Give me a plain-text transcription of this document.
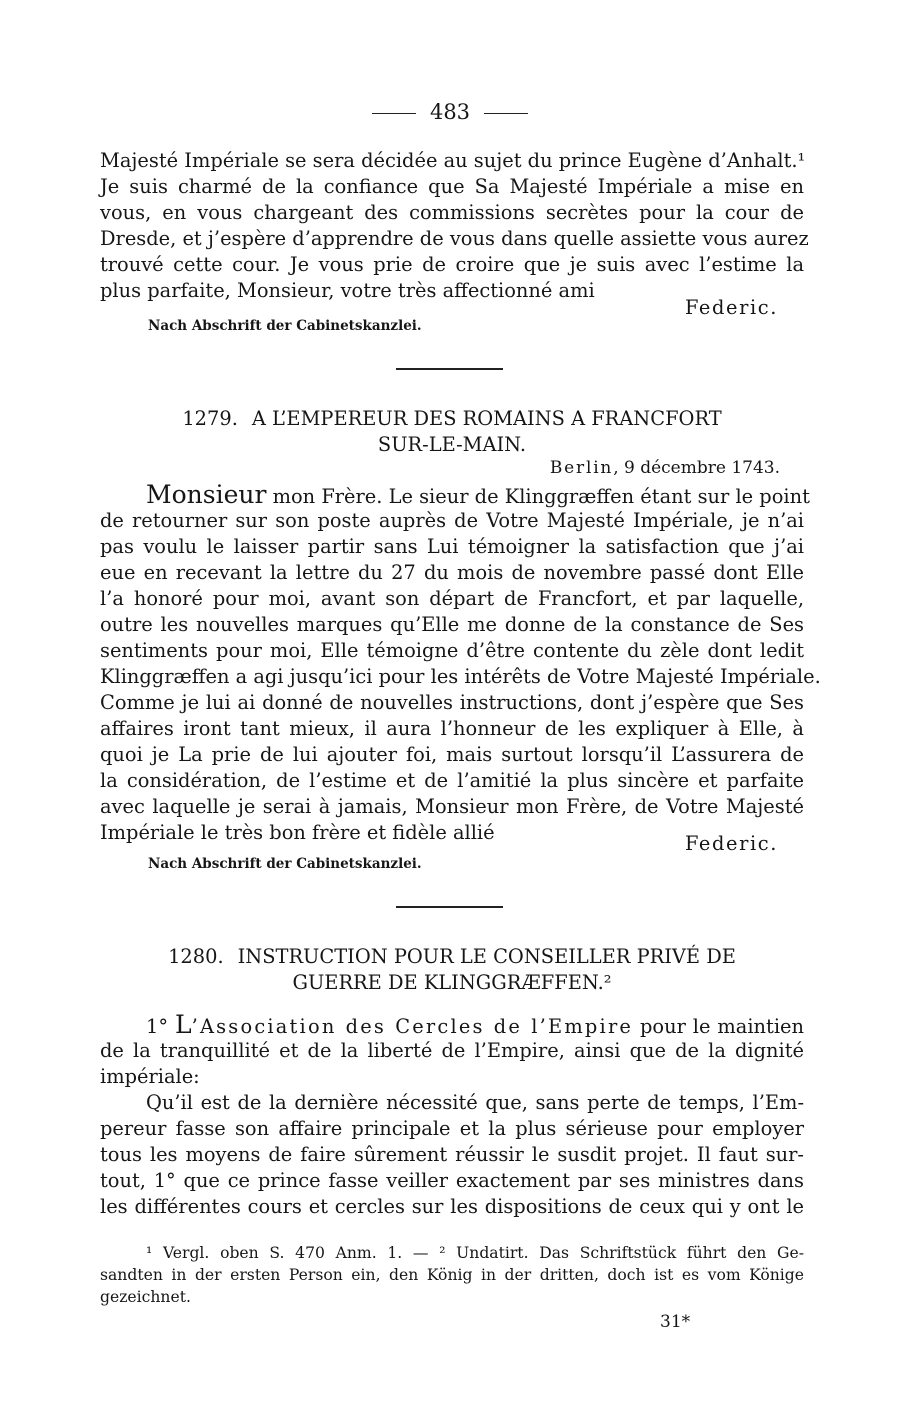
483
Majesté Impériale se sera décidée au sujet du prince Eugène d’Anhalt.¹
Je suis charmé de la confiance que Sa Majesté Impériale a mise en
vous, en vous chargeant des commissions secrètes pour la cour de
Dresde, et j’espère d’apprendre de vous dans quelle assiette vous aurez
trouvé cette cour. Je vous prie de croire que je suis avec l’estime la
plus parfaite, Monsieur, votre très affectionné ami
Federic.
Nach Abschrift der Cabinetskanzlei.
1279. A L’EMPEREUR DES ROMAINS A FRANCFORT
SUR-LE-MAIN.
Berlin, 9 décembre 1743.
Monsieur mon Frère. Le sieur de Klinggræffen étant sur le point
de retourner sur son poste auprès de Votre Majesté Impériale, je n’ai
pas voulu le laisser partir sans Lui témoigner la satisfaction que j’ai
eue en recevant la lettre du 27 du mois de novembre passé dont Elle
l’a honoré pour moi, avant son départ de Francfort, et par laquelle,
outre les nouvelles marques qu’Elle me donne de la constance de Ses
sentiments pour moi, Elle témoigne d’être contente du zèle dont ledit
Klinggræffen a agi jusqu’ici pour les intérêts de Votre Majesté Impériale.
Comme je lui ai donné de nouvelles instructions, dont j’espère que Ses
affaires iront tant mieux, il aura l’honneur de les expliquer à Elle, à
quoi je La prie de lui ajouter foi, mais surtout lorsqu’il L’assurera de
la considération, de l’estime et de l’amitié la plus sincère et parfaite
avec laquelle je serai à jamais, Monsieur mon Frère, de Votre Majesté
Impériale le très bon frère et fidèle allié	Federic.
Nach Abschrift der Cabinetskanzlei.
1280. INSTRUCTION POUR LE CONSEILLER PRIVÉ DE
GUERRE DE KLINGGRÆFFEN.²
1° L’Association des Cercles de l’Empire pour le maintien
de la tranquillité et de la liberté de l’Empire, ainsi que de la dignité
impériale:
Qu’il est de la dernière nécessité que, sans perte de temps, l’Em-
pereur fasse son affaire principale et la plus sérieuse pour employer
tous les moyens de faire sûrement réussir le susdit projet. Il faut sur-
tout, 1° que ce prince fasse veiller exactement par ses ministres dans
les différentes cours et cercles sur les dispositions de ceux qui y ont le
¹ Vergl. oben S. 470 Anm. 1. — ² Undatirt. Das Schriftstück führt den Ge-
sandten in der ersten Person ein, den König in der dritten, doch ist es vom Könige
gezeichnet.
31*
